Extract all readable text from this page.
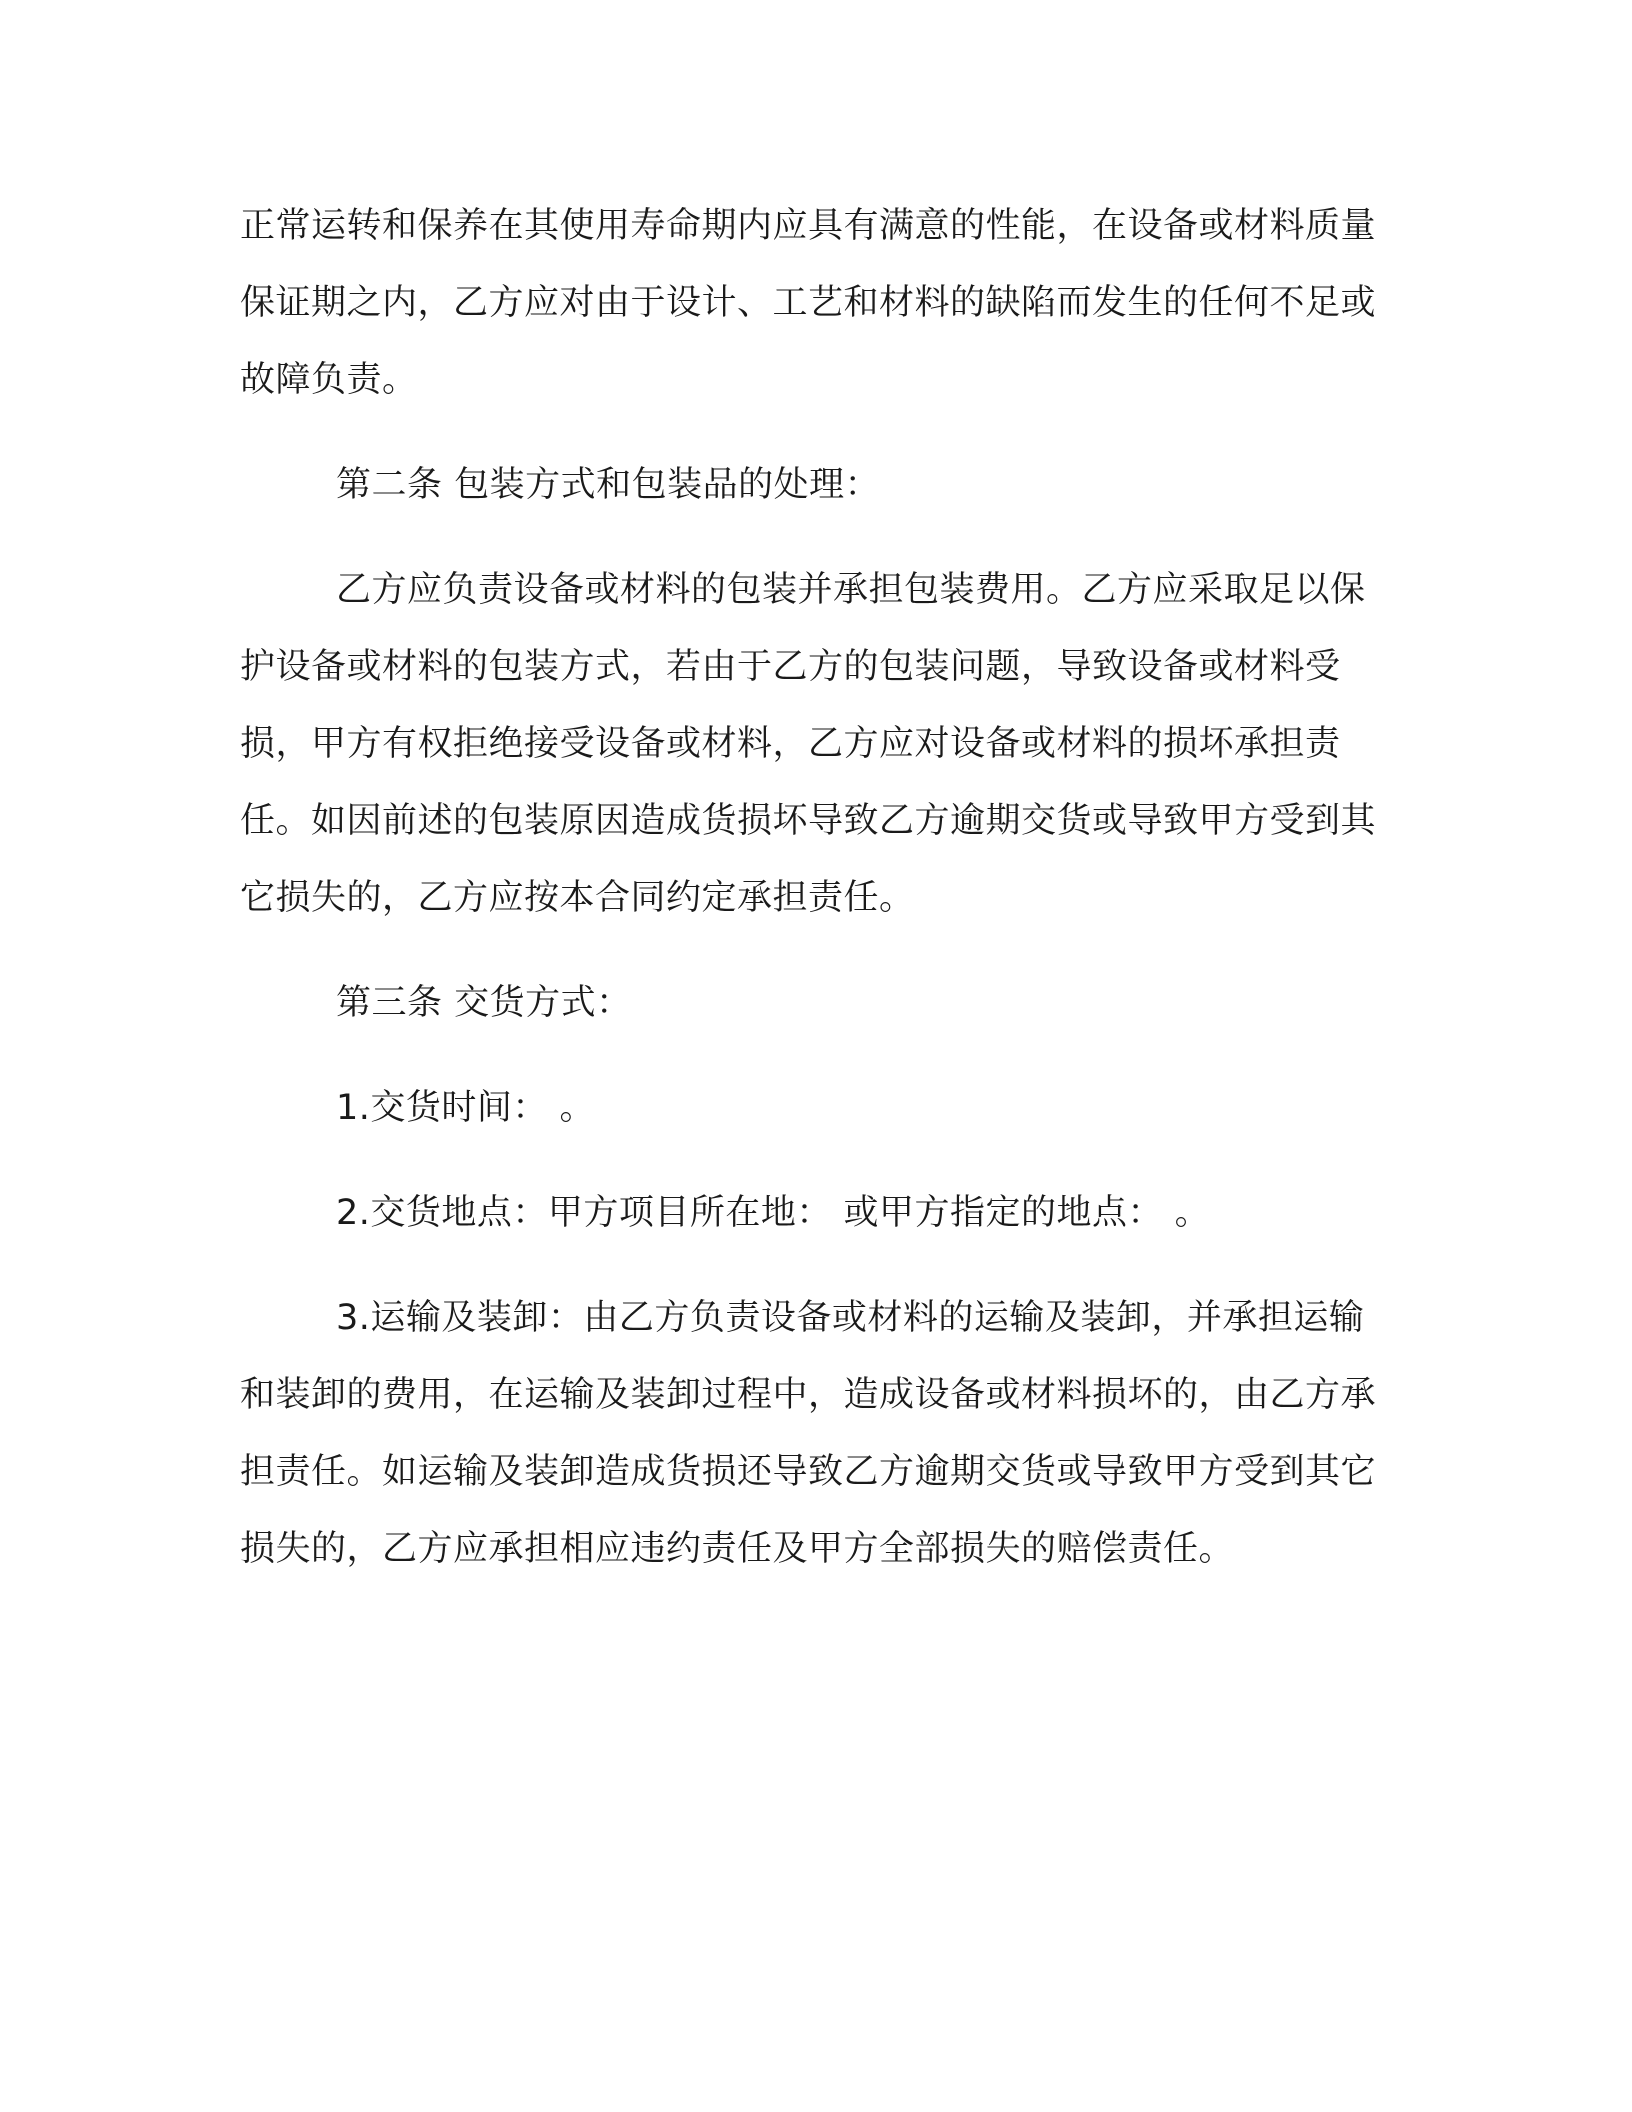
正常运转和保养在其使用寿命期内应具有满意的性能，在设备或材料质量保证期之内，乙方应对由于设计、工艺和材料的缺陷而发生的任何不足或故障负责。

第二条 包装方式和包装品的处理：

乙方应负责设备或材料的包装并承担包装费用。乙方应采取足以保护设备或材料的包装方式，若由于乙方的包装问题，导致设备或材料受损，甲方有权拒绝接受设备或材料，乙方应对设备或材料的损坏承担责任。如因前述的包装原因造成货损坏导致乙方逾期交货或导致甲方受到其它损失的，乙方应按本合同约定承担责任。

第三条 交货方式：

1.交货时间： 。

2.交货地点：甲方项目所在地： 或甲方指定的地点： 。

3.运输及装卸：由乙方负责设备或材料的运输及装卸，并承担运输和装卸的费用，在运输及装卸过程中，造成设备或材料损坏的，由乙方承担责任。如运输及装卸造成货损还导致乙方逾期交货或导致甲方受到其它损失的，乙方应承担相应违约责任及甲方全部损失的赔偿责任。
